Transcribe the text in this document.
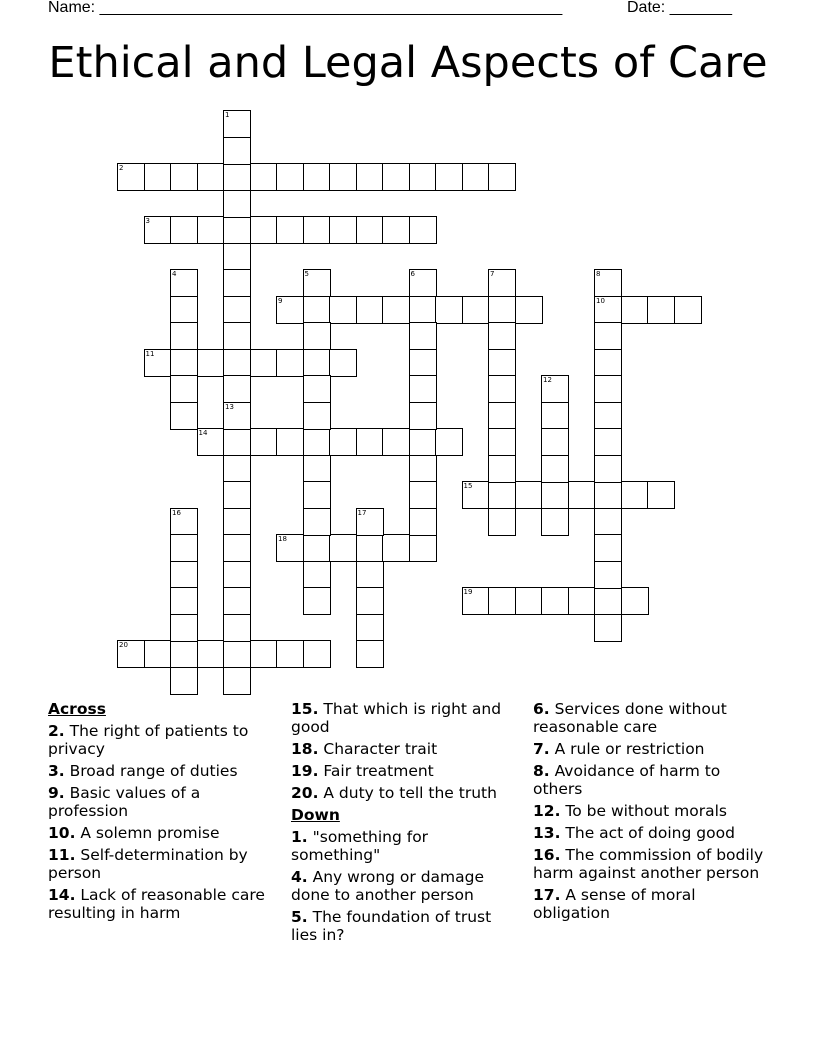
Name: ____________________________________________________	Date: _______
Ethical and Legal Aspects of Care
2
3
9	10
11
14
15
18
19
20
1
13
4	5	6	7	8
12
16	17
Across
2. The right of patients to privacy
3. Broad range of duties
9. Basic values of a profession
10. A solemn promise
11. Self-determination by person
14. Lack of reasonable care resulting in harm
15. That which is right and good
18. Character trait
19. Fair treatment
20. A duty to tell the truth
Down
1. "something for something"
4. Any wrong or damage done to another person
5. The foundation of trust lies in?
6. Services done without reasonable care
7. A rule or restriction
8. Avoidance of harm to others
12. To be without morals
13. The act of doing good
16. The commission of bodily harm against another person
17. A sense of moral obligation
